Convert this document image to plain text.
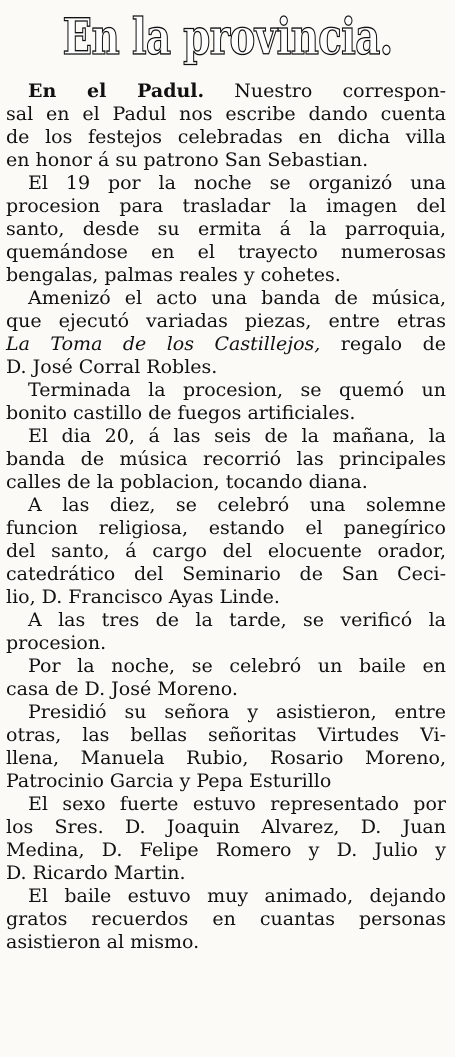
En la provincia.
En el Padul. Nuestro correspon-
sal en el Padul nos escribe dando cuenta
de los festejos celebradas en dicha villa
en honor á su patrono San Sebastian.
El 19 por la noche se organizó una
procesion para trasladar la imagen del
santo, desde su ermita á la parroquia,
quemándose en el trayecto numerosas
bengalas, palmas reales y cohetes.
Amenizó el acto una banda de música,
que ejecutó variadas piezas, entre etras
La Toma de los Castillejos, regalo de
D. José Corral Robles.
Terminada la procesion, se quemó un
bonito castillo de fuegos artificiales.
El dia 20, á las seis de la mañana, la
banda de música recorrió las principales
calles de la poblacion, tocando diana.
A las diez, se celebró una solemne
funcion religiosa, estando el panegírico
del santo, á cargo del elocuente orador,
catedrático del Seminario de San Ceci-
lio, D. Francisco Ayas Linde.
A las tres de la tarde, se verificó la
procesion.
Por la noche, se celebró un baile en
casa de D. José Moreno.
Presidió su señora y asistieron, entre
otras, las bellas señoritas Virtudes Vi-
llena, Manuela Rubio, Rosario Moreno,
Patrocinio Garcia y Pepa Esturillo
El sexo fuerte estuvo representado por
los Sres. D. Joaquin Alvarez, D. Juan
Medina, D. Felipe Romero y D. Julio y
D. Ricardo Martin.
El baile estuvo muy animado, dejando
gratos recuerdos en cuantas personas
asistieron al mismo.
